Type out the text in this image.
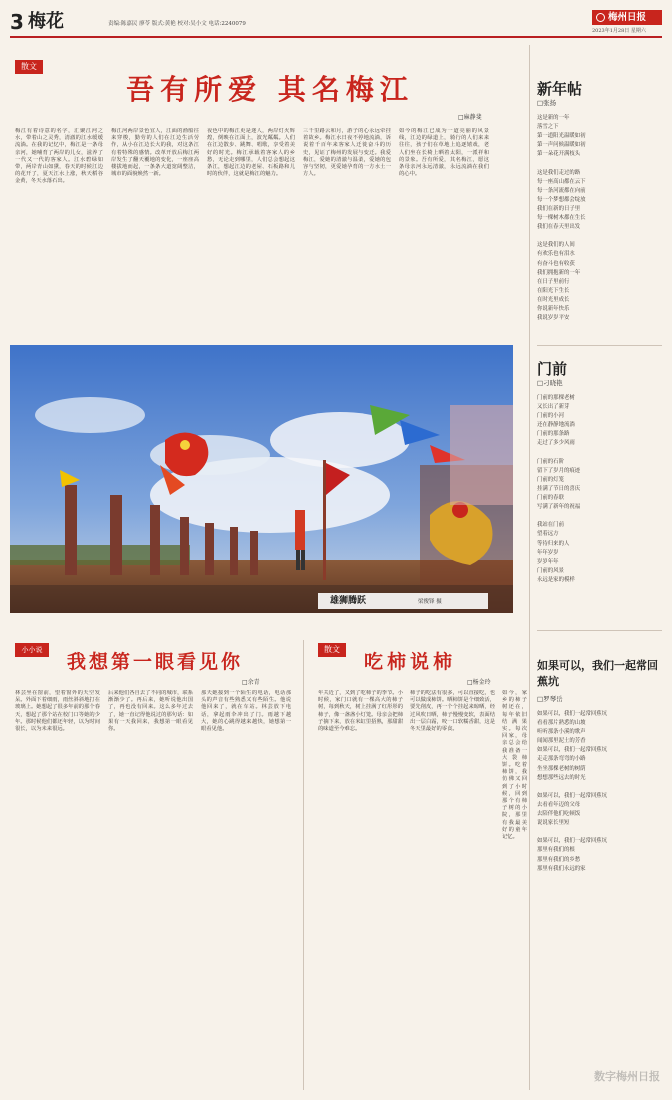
3 梅花	责编:陈嘉民 廖苓 版式:黄艳 校对:吴小文 电话:2240079
梅州日报
2023年1月28日 星期六
散文
吾有所爱 其名梅江
□麻静斐
梅江有着诗意的名字，汇聚江河之水，带着山之灵秀，清澈的江水缓缓流淌。在我的记忆中，梅江是一条母亲河，她哺育了两岸的儿女，滋养了一代又一代的客家人。江水碧绿如带，两岸青山如黛，春天的时候江边的花开了，夏天江水上涨，秋天稻谷金黄，冬天水落石出。
梅江河两岸景色宜人，江面的渔船往来穿梭，勤劳的人们在江边生活劳作，从小在江边长大的我，对这条江有着特殊的感情。改革开放后梅江两岸发生了翻天覆地的变化，一座座高楼拔地而起，一条条大道宽阔整洁，城市的面貌焕然一新。
夜色中的梅江更是迷人，两岸灯火辉煌，倒映在江面上，波光粼粼。人们在江边散步、跳舞、唱歌，享受着美好的时光。梅江承载着客家人的乡愁，无论走到哪里，人们总会想起这条江，想起江边的老屋、石板路和儿时的伙伴，这就是梅江的魅力。
三千里路云和月，游子的心永远牵挂着故乡。梅江水日夜不停地流淌，诉说着千百年来客家人迁徙奋斗的历史，见证了梅州的发展与变迁。我爱梅江，爱她的清澈与温柔，爱她的包容与坚韧，更爱她孕育的一方水土一方人。
如今的梅江已成为一道亮丽的风景线，江边的绿道上，骑行的人们来来往往，孩子们在草地上追逐嬉戏，老人们坐在长椅上晒着太阳，一派祥和的景象。吾有所爱，其名梅江，愿这条母亲河永远清澈，永远流淌在我们的心中。
雄狮腾跃	梁俊锋 摄
小小说
我想第一眼看见你
□余青
林芸坐在窗前，望着窗外的天空发呆。外面下着细雨，雨丝斜斜地打在玻璃上。她想起了很多年前的那个春天，想起了那个站在校门口等她的少年。那时候他们都还年轻，以为时间很长，以为未来很远。
后来他们各自去了不同的城市，联系渐渐少了。再后来，她听说他出国了，再也没有回来。这么多年过去了，她一直记得他说过的那句话：如果有一天我回来，我想第一眼看见你。
那天她接到一个陌生的电话，电话那头的声音有些熟悉又有些陌生。他说他回来了，就在车站。林芸放下电话，拿起雨伞冲出了门。雨越下越大，她的心跳得越来越快，她想第一眼看见他。
散文
吃柿说柿
□杨金玲
年关近了，又到了吃柿子的季节。小时候，家门口就有一棵高大的柿子树，每到秋天，树上挂满了红彤彤的柿子，像一盏盏小灯笼。母亲会把柿子摘下来，放在米缸里捂熟，那甜甜的味道至今难忘。
柿子的吃法有很多，可以直接吃，也可以做成柿饼。晒柿饼是个细致活，要先削皮，再一个个挂起来晾晒，经过风吹日晒，柿子慢慢变软，表面结出一层白霜，咬一口软糯香甜，这是冬天里最好的零食。
如今，家乡的柿子树还在，每年依旧结满果实。每次回家，母亲总会给我准备一大袋柿饼。吃着柿饼，我仿佛又回到了小时候，回到那个有柿子树的小院，那里有我最美好的童年记忆。
新年帖
□张扬
这是新的一年
落雪之下
第一道阳光温暖如初
第一声问候温暖如初
第一朵花开满枝头

这是我们走过的路
每一座高山都在云下
每一条河流都在向前
每一个梦想都会绽放
我们在新的日子里
每一棵树木都在生长
我们在春天里出发

这是我们的人间
有欢乐也有泪水
有奋斗也有收获
我们拥抱新的一年
在日子里前行
在阳光下生长
在时光里成长
你说新年快乐
我说岁岁平安
门前
□刁晓艳
门前的那棵老树
又长出了新芽
门前的小河
还在静静地流淌
门前的那条路
走过了多少风雨

门前的石阶
留下了岁月的痕迹
门前的灯笼
挂满了节日的喜庆
门前的春联
写满了新年的祝福

我站在门前
望着远方
等待归来的人
年年岁岁
岁岁年年
门前的风景
永远是家的模样
如果可以，我们一起常回蕉坑
□罗琴岳
如果可以，我们一起常回蕉坑
看看那片熟悉的山坡
听听那条小溪的歌声
闻闻那里泥土的芳香
如果可以，我们一起常回蕉坑
走走那条弯弯的小路
坐坐那棵老树的树荫
想想那些远去的时光

如果可以，我们一起常回蕉坑
去看看年迈的父母
去陪伴他们吃顿饭
说说家长里短

如果可以，我们一起常回蕉坑
那里有我们的根
那里有我们的乡愁
那里有我们永远的家
数字梅州日报
